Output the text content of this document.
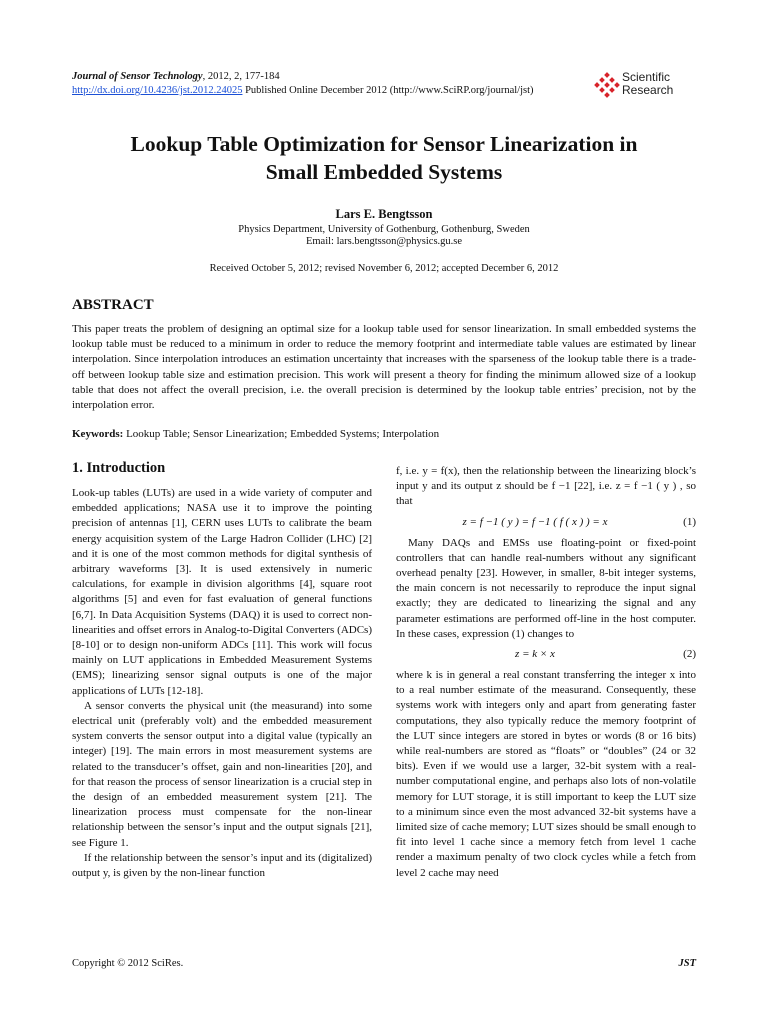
Journal of Sensor Technology, 2012, 2, 177-184
http://dx.doi.org/10.4236/jst.2012.24025 Published Online December 2012 (http://www.SciRP.org/journal/jst)
Scientific
Research
Lookup Table Optimization for Sensor Linearization in
Small Embedded Systems
Lars E. Bengtsson
Physics Department, University of Gothenburg, Gothenburg, Sweden
Email: lars.bengtsson@physics.gu.se
Received October 5, 2012; revised November 6, 2012; accepted December 6, 2012
ABSTRACT
This paper treats the problem of designing an optimal size for a lookup table used for sensor linearization. In small embedded systems the lookup table must be reduced to a minimum in order to reduce the memory footprint and intermediate table values are estimated by linear interpolation. Since interpolation introduces an estimation uncertainty that increases with the sparseness of the lookup table there is a trade-off between lookup table size and estimation precision. This work will present a theory for finding the minimum allowed size of a lookup table that does not affect the overall precision, i.e. the overall precision is determined by the lookup table entries’ precision, not by the interpolation error.
Keywords: Lookup Table; Sensor Linearization; Embedded Systems; Interpolation
1. Introduction

Look-up tables (LUTs) are used in a wide variety of computer and embedded applications; NASA use it to improve the pointing precision of antennas [1], CERN uses LUTs to calibrate the beam energy acquisition system of the Large Hadron Collider (LHC) [2] and it is one of the most common methods for digital synthesis of arbitrary waveforms [3]. It is used extensively in numeric calculations, for example in division algorithms [4], square root algorithms [5] and even for fast evaluation of general functions [6,7]. In Data Acquisition Systems (DAQ) it is used to correct non-linearities and offset errors in Analog-to-Digital Converters (ADCs) [8-10] or to design non-uniform ADCs [11]. This work will focus mainly on LUT applications in Embedded Measurement Systems (EMS); linearizing sensor signal outputs is one of the major applications of LUTs [12-18].

A sensor converts the physical unit (the measurand) into some electrical unit (preferably volt) and the embedded measurement system converts the sensor output into a digital value (typically an integer) [19]. The main errors in most measurement systems are related to the transducer’s offset, gain and non-linearities [20], and for that reason the process of sensor linearization is a crucial step in the design of an embedded measurement system [21]. The linearization process must compensate for the non-linear relationship between the sensor’s input and the output signals [21], see Figure 1.

If the relationship between the sensor’s input and its (digitalized) output y, is given by the non-linear function

f, i.e. y = f(x), then the relationship between the linearizing block’s input y and its output z should be f −1 [22], i.e. z = f −1 ( y ) , so that

z = f −1 ( y ) = f −1 ( f ( x ) ) = x	(1)

Many DAQs and EMSs use floating-point or fixed-point controllers that can handle real-numbers without any significant overhead penalty [23]. However, in smaller, 8-bit integer systems, the main concern is not necessarily to reproduce the input signal exactly; they are dedicated to linearizing the signal and any parameter estimations are performed off-line in the host computer. In these cases, expression (1) changes to

z = k × x	(2)

where k is in general a real constant transferring the integer x into to a real number estimate of the measurand. Consequently, these systems work with integers only and apart from generating faster computations, they also typically reduce the memory footprint of the LUT since integers are stored in bytes or words (8 or 16 bits) while real-numbers are stored as “floats” or “doubles” (24 or 32 bits). Even if we would use a larger, 32-bit system with a real-number computational engine, and perhaps also lots of non-volatile memory for LUT storage, it is still important to keep the LUT size to a minimum since even the most advanced 32-bit systems have a limited size of cache memory; LUT sizes should be small enough to fit into level 1 cache since a memory fetch from level 1 cache render a maximum penalty of two clock cycles while a fetch from level 2 cache may need

Copyright © 2012 SciRes.	JST
